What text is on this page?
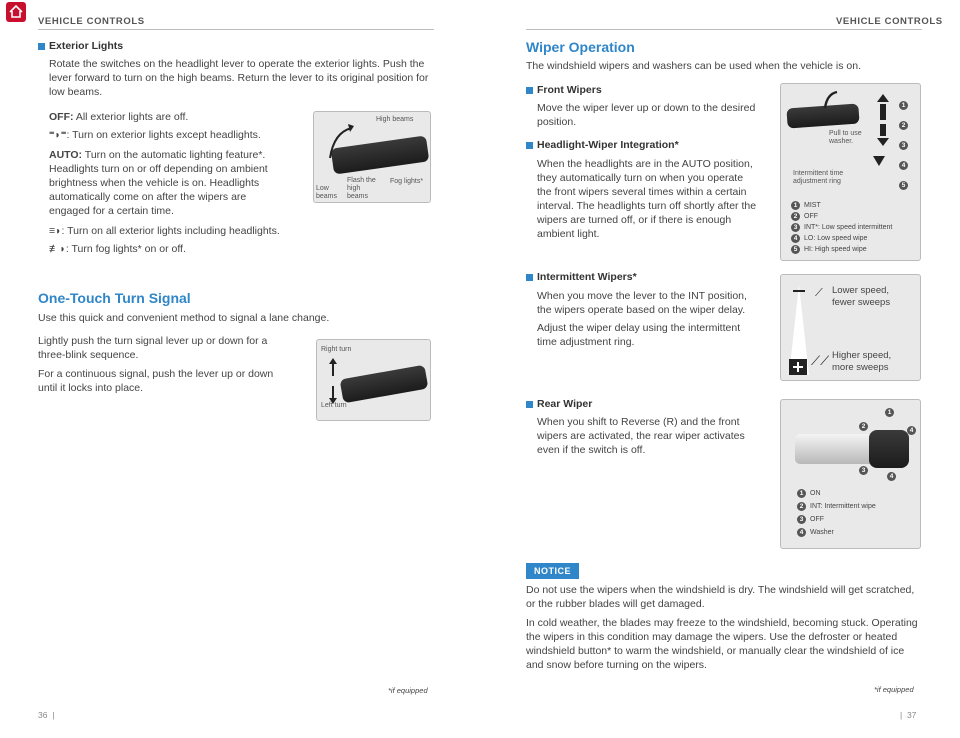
VEHICLE CONTROLS
Exterior Lights
Rotate the switches on the headlight lever to operate the exterior lights. Push the lever forward to turn on the high beams. Return the lever to its original position for low beams.
OFF: All exterior lights are off.
⁼◗⁼: Turn on exterior lights except headlights.
AUTO: Turn on the automatic lighting feature*. Headlights turn on or off depending on ambient brightness when the vehicle is on. Headlights automatically come on after the wipers are engaged for a certain time.
≡◗: Turn on all exterior lights including headlights.
≢◗: Turn fog lights* on or off.
High beams
Low beams
Flash the high beams
Fog lights*
One-Touch Turn Signal
Use this quick and convenient method to signal a lane change.
Lightly push the turn signal lever up or down for a three-blink sequence.
For a continuous signal, push the lever up or down until it locks into place.
Right turn
Left turn
*if equipped
36  |
VEHICLE CONTROLS
Wiper Operation
The windshield wipers and washers can be used when the vehicle is on.
Front Wipers
Move the wiper lever up or down to the desired position.
Headlight-Wiper Integration*
When the headlights are in the AUTO position, they automatically turn on when you operate the front wipers several times within a certain interval. The headlights turn off shortly after the wipers are turned off, or if there is enough ambient light.
1 2 3 4 5
Pull to use washer.
Intermittent time adjustment ring
1 MIST
2 OFF
3 INT*: Low speed intermittent
4 LO: Low speed wipe
5 HI: High speed wipe
Intermittent Wipers*
When you move the lever to the INT position, the wipers operate based on the wiper delay.
Adjust the wiper delay using the intermittent time adjustment ring.
⟋ Lower speed, fewer sweeps
⟋⟋ Higher speed, more sweeps
Rear Wiper
When you shift to Reverse (R) and the front wipers are activated, the rear wiper activates even if the switch is off.
1
2
4
3
4
1 ON
2 INT: Intermittent wipe
3 OFF
4 Washer
NOTICE
Do not use the wipers when the windshield is dry. The windshield will get scratched, or the rubber blades will get damaged.
In cold weather, the blades may freeze to the windshield, becoming stuck. Operating the wipers in this condition may damage the wipers. Use the defroster or heated windshield button* to warm the windshield, or manually clear the windshield of ice and snow before turning on the wipers.
*if equipped
|  37
